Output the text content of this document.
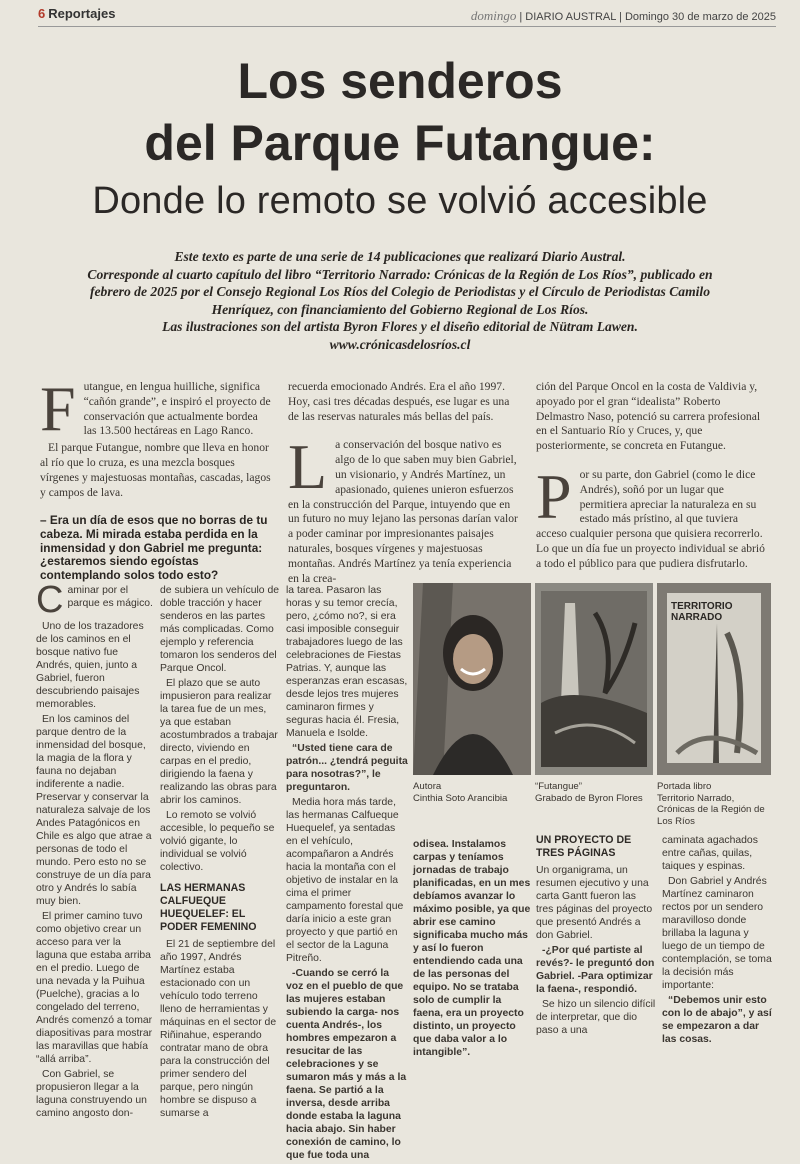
6 Reportajes	domingo | DIARIO AUSTRAL | Domingo 30 de marzo de 2025
Los senderos
del Parque Futangue:
Donde lo remoto se volvió accesible

Este texto es parte de una serie de 14 publicaciones que realizará Diario Austral.

Corresponde al cuarto capítulo del libro “Territorio Narrado: Crónicas de la Región de Los Ríos”, publicado en

febrero de 2025 por el Consejo Regional Los Ríos del Colegio de Periodistas y el Círculo de Periodistas Camilo

Henríquez, con financiamiento del Gobierno Regional de Los Ríos.

Las ilustraciones son del artista Byron Flores y el diseño editorial de Nütram Lawen.

www.crónicasdelosríos.cl

F utangue, en lengua huilliche, significa “cañón grande”, e inspiró el proyecto de conservación que actualmente bordea las 13.500 hectáreas en Lago Ranco.

El parque Futangue, nombre que lleva en honor al río que lo cruza, es una mezcla bosques vírgenes y majestuosas montañas, cascadas, lagos y campos de lava.

– Era un día de esos que no borras de tu cabeza. Mi mirada estaba perdida en la inmensidad y don Gabriel me pregunta: ¿estaremos siendo egoístas contemplando solos todo esto?

recuerda emocionado Andrés. Era el año 1997. Hoy, casi tres décadas después, ese lugar es una de las reservas naturales más bellas del país.

L a conservación del bosque nativo es algo de lo que saben muy bien Gabriel, un visionario, y Andrés Martínez, un apasionado, quienes unieron esfuerzos en la construcción del Parque, intuyendo que en un futuro no muy lejano las personas darían valor a poder caminar por impresionantes paisajes naturales, bosques vírgenes y majestuosas montañas. Andrés Martínez ya tenía experiencia en la crea-

ción del Parque Oncol en la costa de Valdivia y, apoyado por el gran “idealista” Roberto Delmastro Naso, potenció su carrera profesional en el Santuario Río y Cruces, y, que posteriormente, se concreta en Futangue.

P or su parte, don Gabriel (como le dice Andrés), soñó por un lugar que permitiera apreciar la naturaleza en su estado más prístino, al que tuviera acceso cualquier persona que quisiera recorrerlo. Lo que un día fue un proyecto individual se abrió a todo el público para que pudiera disfrutarlo.

C aminar por el parque es mágico.

Uno de los trazadores de los caminos en el bosque nativo fue Andrés, quien, junto a Gabriel, fueron descubriendo paisajes memorables.

En los caminos del parque dentro de la inmensidad del bosque, la magia de la flora y fauna no dejaban indiferente a nadie. Preservar y conservar la naturaleza salvaje de los Andes Patagónicos en Chile es algo que atrae a personas de todo el mundo. Pero esto no se construye de un día para otro y Andrés lo sabía muy bien.

El primer camino tuvo como objetivo crear un acceso para ver la laguna que estaba arriba en el predio. Luego de una nevada y la Puihua (Puelche), gracias a lo congelado del terreno, Andrés comenzó a tomar diapositivas para mostrar las maravillas que había “allá arriba”.

Con Gabriel, se propusieron llegar a la laguna construyendo un camino angosto don-

de subiera un vehículo de doble tracción y hacer senderos en las partes más complicadas. Como ejemplo y referencia tomaron los senderos del Parque Oncol.

El plazo que se auto impusieron para realizar la tarea fue de un mes, ya que estaban acostumbrados a trabajar directo, viviendo en carpas en el predio, dirigiendo la faena y realizando las obras para abrir los caminos.

Lo remoto se volvió accesible, lo pequeño se volvió gigante, lo individual se volvió colectivo.

LAS HERMANAS CALFUEQUE HUEQUELEF: EL PODER FEMENINO

El 21 de septiembre del año 1997, Andrés Martínez estaba estacionado con un vehículo todo terreno lleno de herramientas y máquinas en el sector de Riñinahue, esperando contratar mano de obra para la construcción del primer sendero del parque, pero ningún hombre se dispuso a sumarse a

la tarea. Pasaron las horas y su temor crecía, pero, ¿cómo no?, si era casi imposible conseguir trabajadores luego de las celebraciones de Fiestas Patrias. Y, aunque las esperanzas eran escasas, desde lejos tres mujeres caminaron firmes y seguras hacia él. Fresia, Manuela e Isolde.

“Usted tiene cara de patrón... ¿tendrá peguita para nosotras?”, le preguntaron.

Media hora más tarde, las hermanas Calfueque Huequelef, ya sentadas en el vehículo, acompañaron a Andrés hacia la montaña con el objetivo de instalar en la cima el primer campamento forestal que daría inicio a este gran proyecto y que partió en el sector de la Laguna Pitreño.

-Cuando se cerró la voz en el pueblo de que las mujeres estaban subiendo la carga- nos cuenta Andrés-, los hombres empezaron a resucitar de las celebraciones y se sumaron más y más a la faena. Se partió a la inversa, desde arriba donde estaba la laguna hacia abajo. Sin haber conexión de camino, lo que fue toda una

odisea. Instalamos carpas y teníamos jornadas de trabajo planificadas, en un mes debíamos avanzar lo máximo posible, ya que abrir ese camino significaba mucho más y así lo fueron entendiendo cada una de las personas del equipo. No se trataba solo de cumplir la faena, era un proyecto distinto, un proyecto que daba valor a lo intangible”.

UN PROYECTO DE TRES PÁGINAS

Un organigrama, un resumen ejecutivo y una carta Gantt fueron las tres páginas del proyecto que presentó Andrés a don Gabriel.

-¿Por qué partiste al revés?- le preguntó don Gabriel. -Para optimizar la faena-, respondió.

Se hizo un silencio difícil de interpretar, que dio paso a una

caminata agachados entre cañas, quilas, taiques y espinas.

Don Gabriel y Andrés Martínez caminaron rectos por un sendero maravilloso donde brillaba la laguna y luego de un tiempo de contemplación, se toma la decisión más importante:

“Debemos unir esto con lo de abajo”, y así se empezaron a dar las cosas.

TERRITORIO
NARRADO
Autora
Cinthia Soto Arancibia
“Futangue”
Grabado de Byron Flores
Portada libro
Territorio Narrado, Crónicas de la Región de Los Ríos
